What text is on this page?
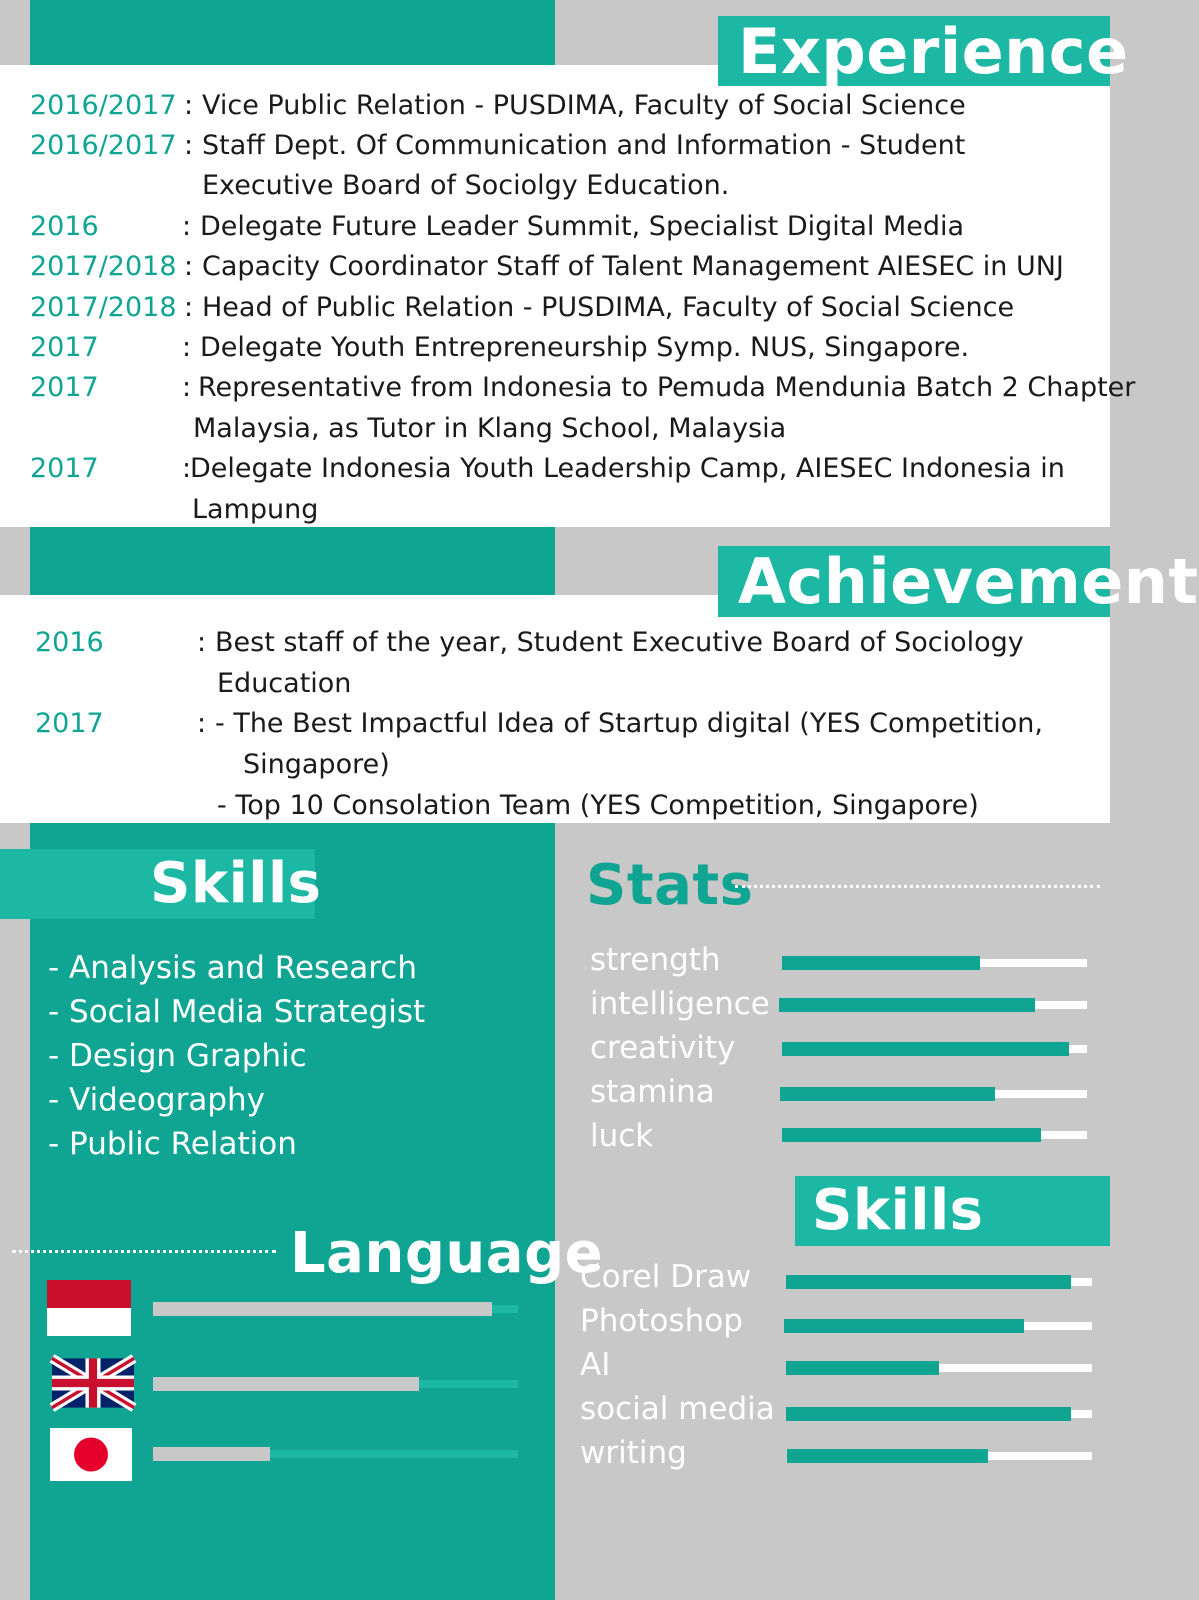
Experience
2016/2017 : Vice Public Relation - PUSDIMA, Faculty of Social Science
2016/2017 : Staff Dept. Of Communication and Information - Student
Executive Board of Sociolgy Education.
2016	: Delegate Future Leader Summit, Specialist Digital Media
2017/2018 : Capacity Coordinator Staff of Talent Management AIESEC in UNJ
2017/2018 : Head of Public Relation - PUSDIMA, Faculty of Social Science
2017	: Delegate Youth Entrepreneurship Symp. NUS, Singapore.
2017	: Representative from Indonesia to Pemuda Mendunia Batch 2 Chapter
Malaysia, as Tutor in Klang School, Malaysia
2017	:
Delegate Indonesia Youth Leadership Camp, AIESEC Indonesia in
Lampung
Achievement
2016	: Best staff of the year, Student Executive Board of Sociology
Education
2017	: - The Best Impactful Idea of Startup digital (YES Competition,
Singapore)
- Top 10 Consolation Team (YES Competition, Singapore)
Skills
- Analysis and Research
- Social Media Strategist
- Design Graphic
- Videography
- Public Relation
Language
Stats
strength
intelligence
creativity
stamina
luck
Skills
Corel Draw
Photoshop
AI
social media
writing
